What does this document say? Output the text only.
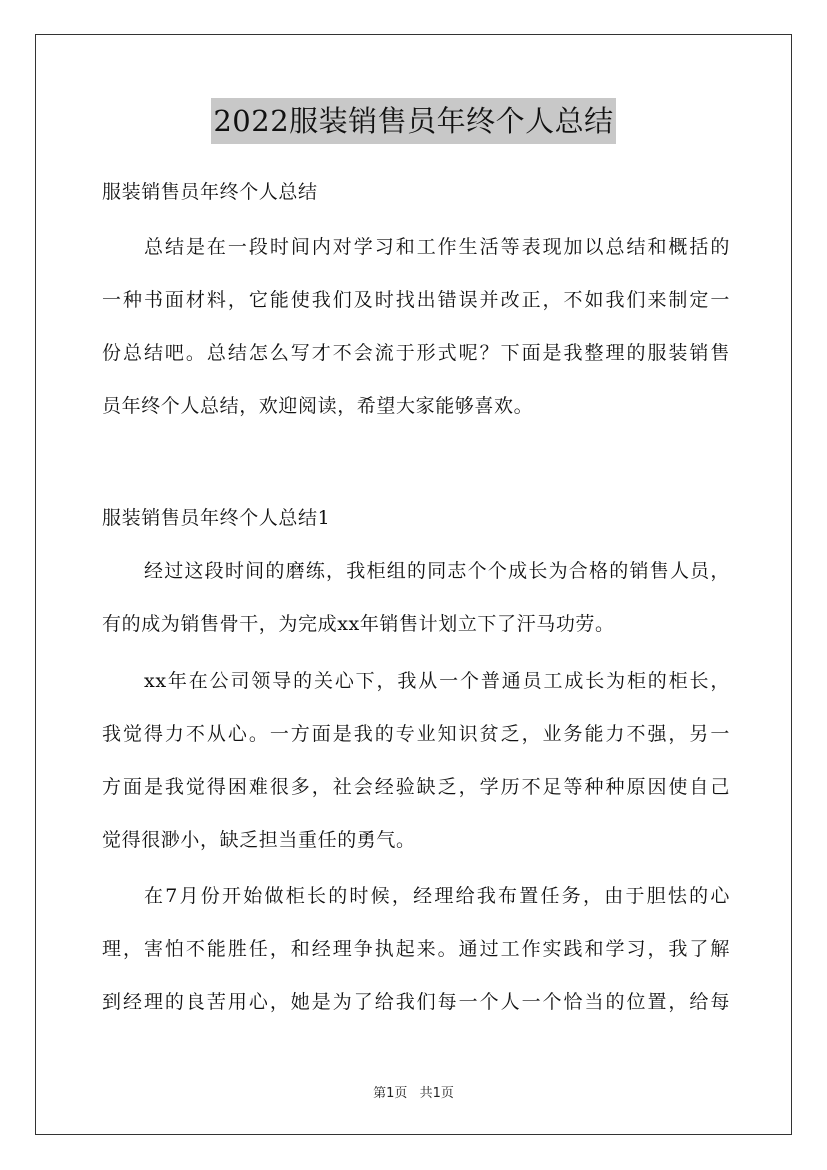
2022服装销售员年终个人总结
服装销售员年终个人总结
总结是在一段时间内对学习和工作生活等表现加以总结和概括的
一种书面材料，它能使我们及时找出错误并改正，不如我们来制定一
份总结吧。总结怎么写才不会流于形式呢？下面是我整理的服装销售
员年终个人总结，欢迎阅读，希望大家能够喜欢。
服装销售员年终个人总结1
经过这段时间的磨练，我柜组的同志个个成长为合格的销售人员，
有的成为销售骨干，为完成xx年销售计划立下了汗马功劳。
xx年在公司领导的关心下，我从一个普通员工成长为柜的柜长，
我觉得力不从心。一方面是我的专业知识贫乏，业务能力不强，另一
方面是我觉得困难很多，社会经验缺乏，学历不足等种种原因使自己
觉得很渺小，缺乏担当重任的勇气。
在7月份开始做柜长的时候，经理给我布置任务，由于胆怯的心
理，害怕不能胜任，和经理争执起来。通过工作实践和学习，我了解
到经理的良苦用心，她是为了给我们每一个人一个恰当的位置，给每
第1页 共1页
